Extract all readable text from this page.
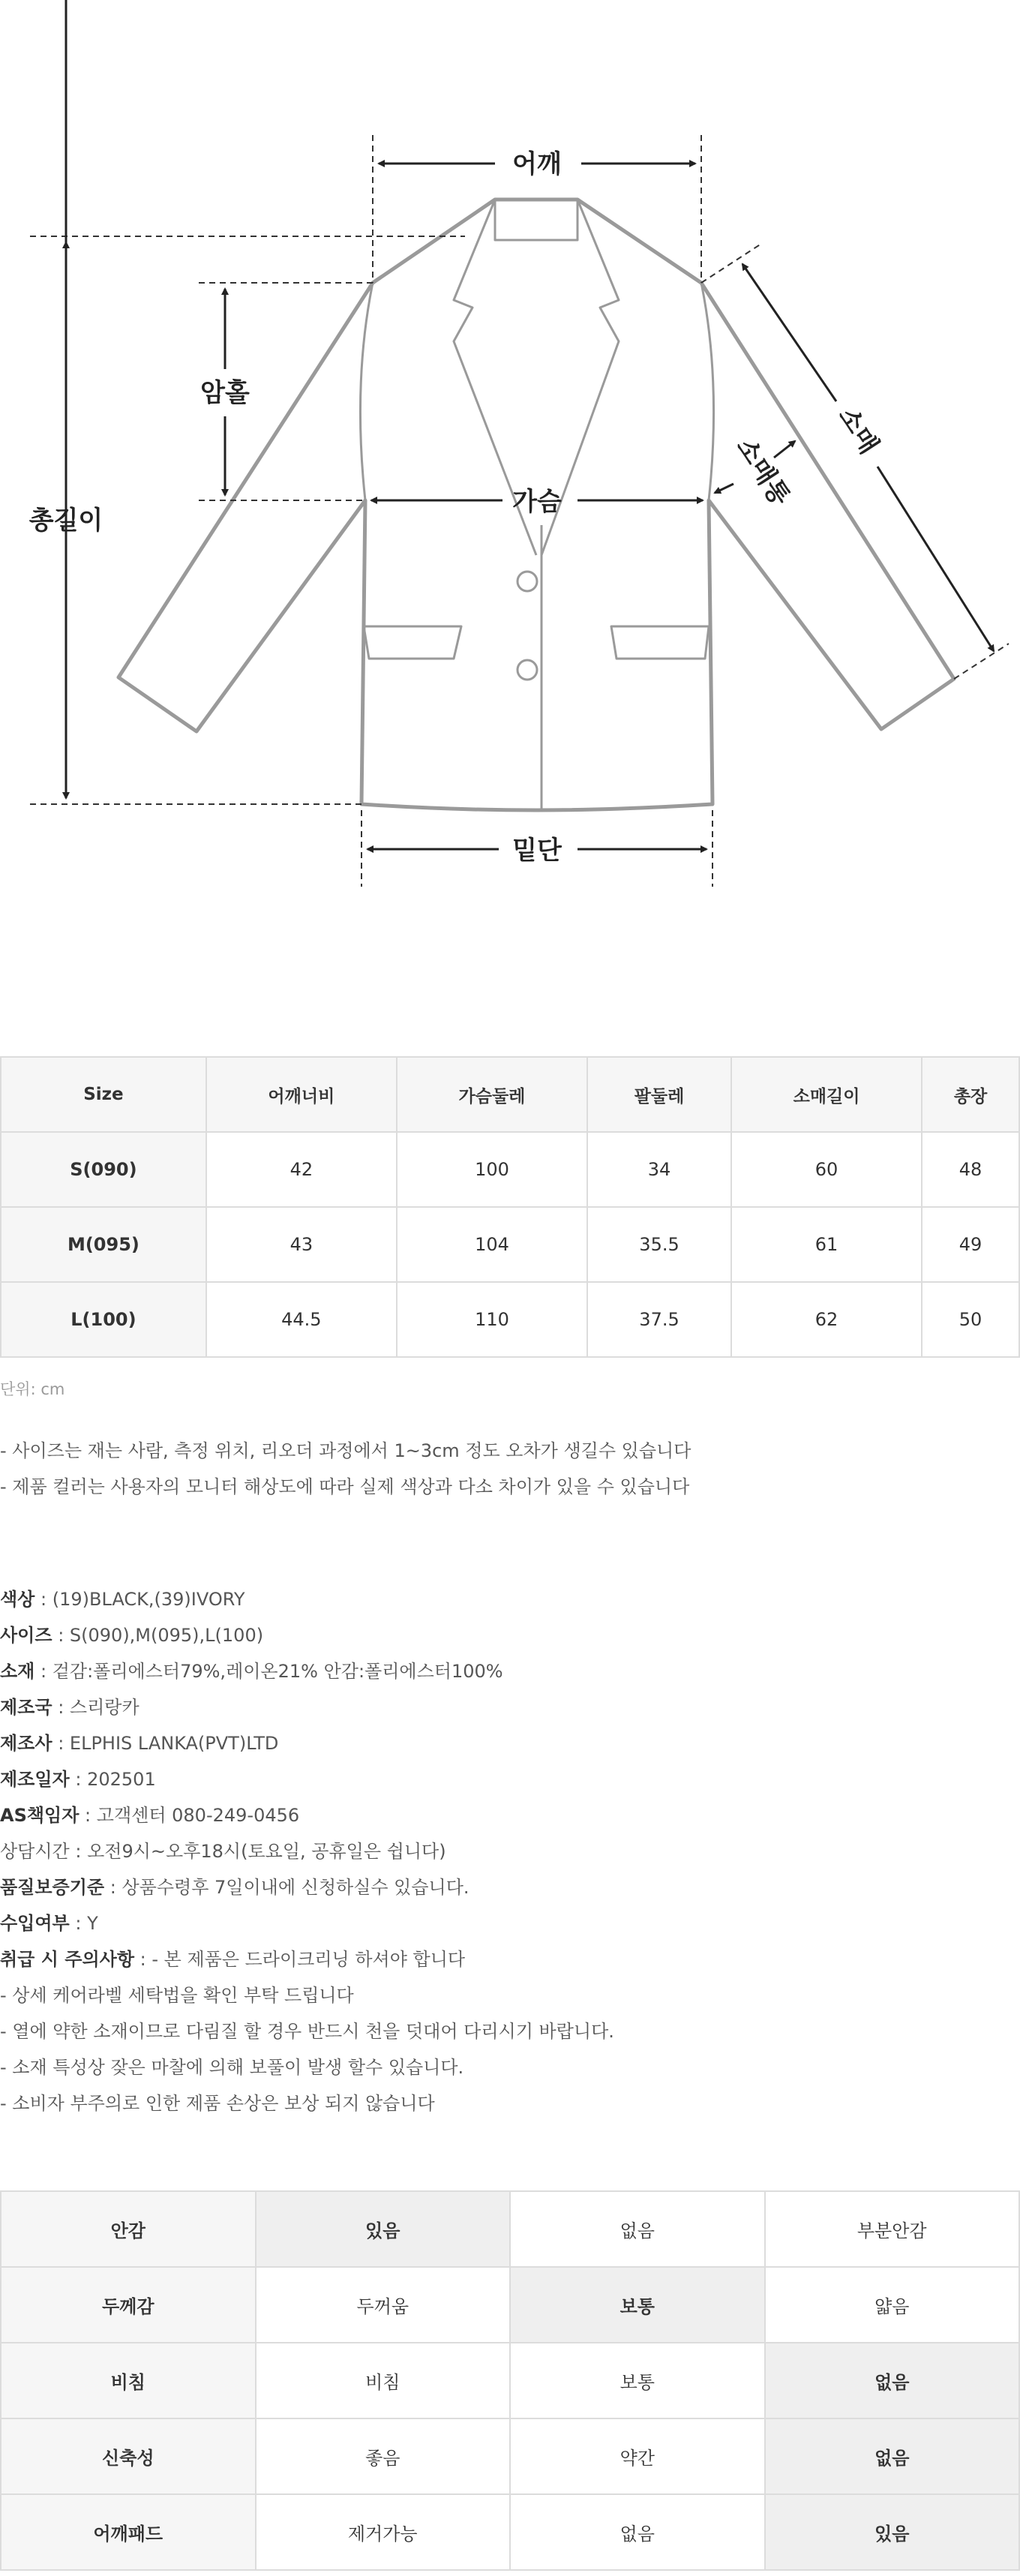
어깨
암홀
총길이
가슴
밑단
소매
소매통
Size	어깨너비	가슴둘레	팔둘레	소매길이	총장
S(090)	42	100	34	60	48
M(095)	43	104	35.5	61	49
L(100)	44.5	110	37.5	62	50
단위: cm
- 사이즈는 재는 사람, 측정 위치, 리오더 과정에서 1~3cm 정도 오차가 생길수 있습니다
- 제품 컬러는 사용자의 모니터 해상도에 따라 실제 색상과 다소 차이가 있을 수 있습니다
색상 : (19)BLACK,(39)IVORY
사이즈 : S(090),M(095),L(100)
소재 : 겉감:폴리에스터79%,레이온21% 안감:폴리에스터100%
제조국 : 스리랑카
제조사 : ELPHIS LANKA(PVT)LTD
제조일자 : 202501
AS책임자 : 고객센터 080-249-0456
상담시간 : 오전9시~오후18시(토요일, 공휴일은 쉽니다)
품질보증기준 : 상품수령후 7일이내에 신청하실수 있습니다.
수입여부 : Y
취급 시 주의사항 : - 본 제품은 드라이크리닝 하셔야 합니다
- 상세 케어라벨 세탁법을 확인 부탁 드립니다
- 열에 약한 소재이므로 다림질 할 경우 반드시 천을 덧대어 다리시기 바랍니다.
- 소재 특성상 잦은 마찰에 의해 보풀이 발생 할수 있습니다.
- 소비자 부주의로 인한 제품 손상은 보상 되지 않습니다
안감	있음	없음	부분안감
두께감	두꺼움	보통	얇음
비침	비침	보통	없음
신축성	좋음	약간	없음
어깨패드	제거가능	없음	있음
